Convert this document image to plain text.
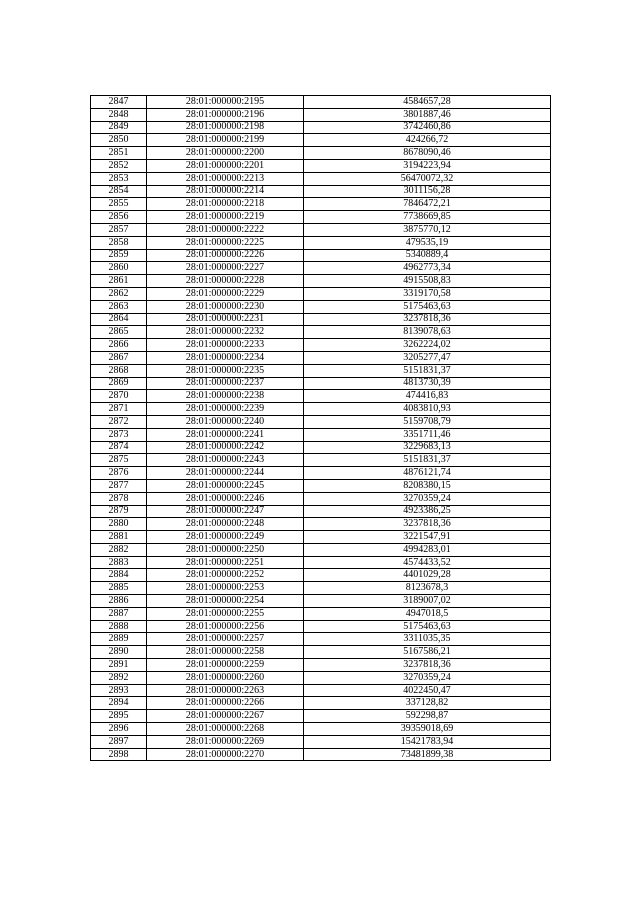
2847	28:01:000000:2195	4584657,28
2848	28:01:000000:2196	3801887,46
2849	28:01:000000:2198	3742460,86
2850	28:01:000000:2199	424266,72
2851	28:01:000000:2200	8678090,46
2852	28:01:000000:2201	3194223,94
2853	28:01:000000:2213	56470072,32
2854	28:01:000000:2214	3011156,28
2855	28:01:000000:2218	7846472,21
2856	28:01:000000:2219	7738669,85
2857	28:01:000000:2222	3875770,12
2858	28:01:000000:2225	479535,19
2859	28:01:000000:2226	5340889,4
2860	28:01:000000:2227	4962773,34
2861	28:01:000000:2228	4915508,83
2862	28:01:000000:2229	3319170,58
2863	28:01:000000:2230	5175463,63
2864	28:01:000000:2231	3237818,36
2865	28:01:000000:2232	8139078,63
2866	28:01:000000:2233	3262224,02
2867	28:01:000000:2234	3205277,47
2868	28:01:000000:2235	5151831,37
2869	28:01:000000:2237	4813730,39
2870	28:01:000000:2238	474416,83
2871	28:01:000000:2239	4083810,93
2872	28:01:000000:2240	5159708,79
2873	28:01:000000:2241	3351711,46
2874	28:01:000000:2242	3229683,13
2875	28:01:000000:2243	5151831,37
2876	28:01:000000:2244	4876121,74
2877	28:01:000000:2245	8208380,15
2878	28:01:000000:2246	3270359,24
2879	28:01:000000:2247	4923386,25
2880	28:01:000000:2248	3237818,36
2881	28:01:000000:2249	3221547,91
2882	28:01:000000:2250	4994283,01
2883	28:01:000000:2251	4574433,52
2884	28:01:000000:2252	4401029,28
2885	28:01:000000:2253	8123678,3
2886	28:01:000000:2254	3189007,02
2887	28:01:000000:2255	4947018,5
2888	28:01:000000:2256	5175463,63
2889	28:01:000000:2257	3311035,35
2890	28:01:000000:2258	5167586,21
2891	28:01:000000:2259	3237818,36
2892	28:01:000000:2260	3270359,24
2893	28:01:000000:2263	4022450,47
2894	28:01:000000:2266	337128,82
2895	28:01:000000:2267	592298,87
2896	28:01:000000:2268	39359018,69
2897	28:01:000000:2269	15421783,94
2898	28:01:000000:2270	73481899,38
